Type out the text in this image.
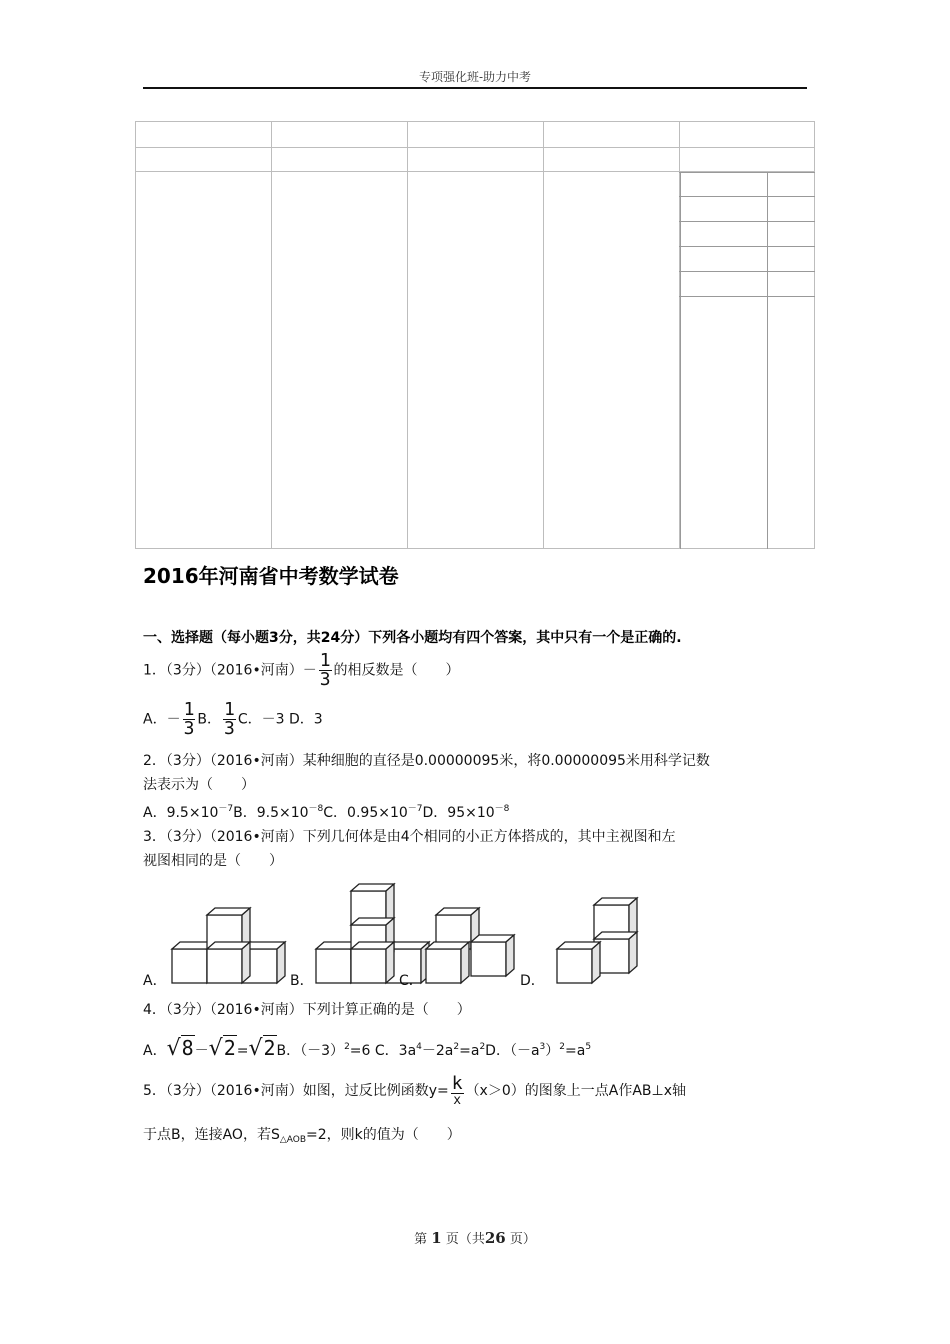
专项强化班-助力中考
2016年河南省中考数学试卷
一、选择题（每小题3分，共24分）下列各小题均有四个答案，其中只有一个是正确的.
1．（3分）（2016•河南）－ $\frac{1}{3}$ 的相反数是（　　）
A．－ $\frac{1}{3}$ B． $\frac{1}{3}$ C．－3 D．3
2．（3分）（2016•河南）某种细胞的直径是0.00000095米，将0.00000095米用科学记数
法表示为（　　）
A．$9.5\times 10^{-7}B$．$9.5\times 10^{-8}C$．$0.95\times 10^{-7}D$．$95\times 10^{-8}$
3．（3分）（2016•河南）下列几何体是由4个相同的小正方体搭成的，其中主视图和左
视图相同的是（　　）
A．	B．	C．	D．
4．（3分）（2016•河南）下列计算正确的是（　　）
A．√8－√2=√2B．$(-3)^2=6$ C．$3a^4-2a^2=a^2D$．$(-a^3)^2=a^5$
5．（3分）（2016•河南）如图，过反比例函数$y= \frac{k}{x} (x>0)$的图象上一点A作AB⊥x轴
于点B，连接AO，若$S_{\triangle AOB}=2$，则k的值为（　　）
第 1 页（共26 页）
